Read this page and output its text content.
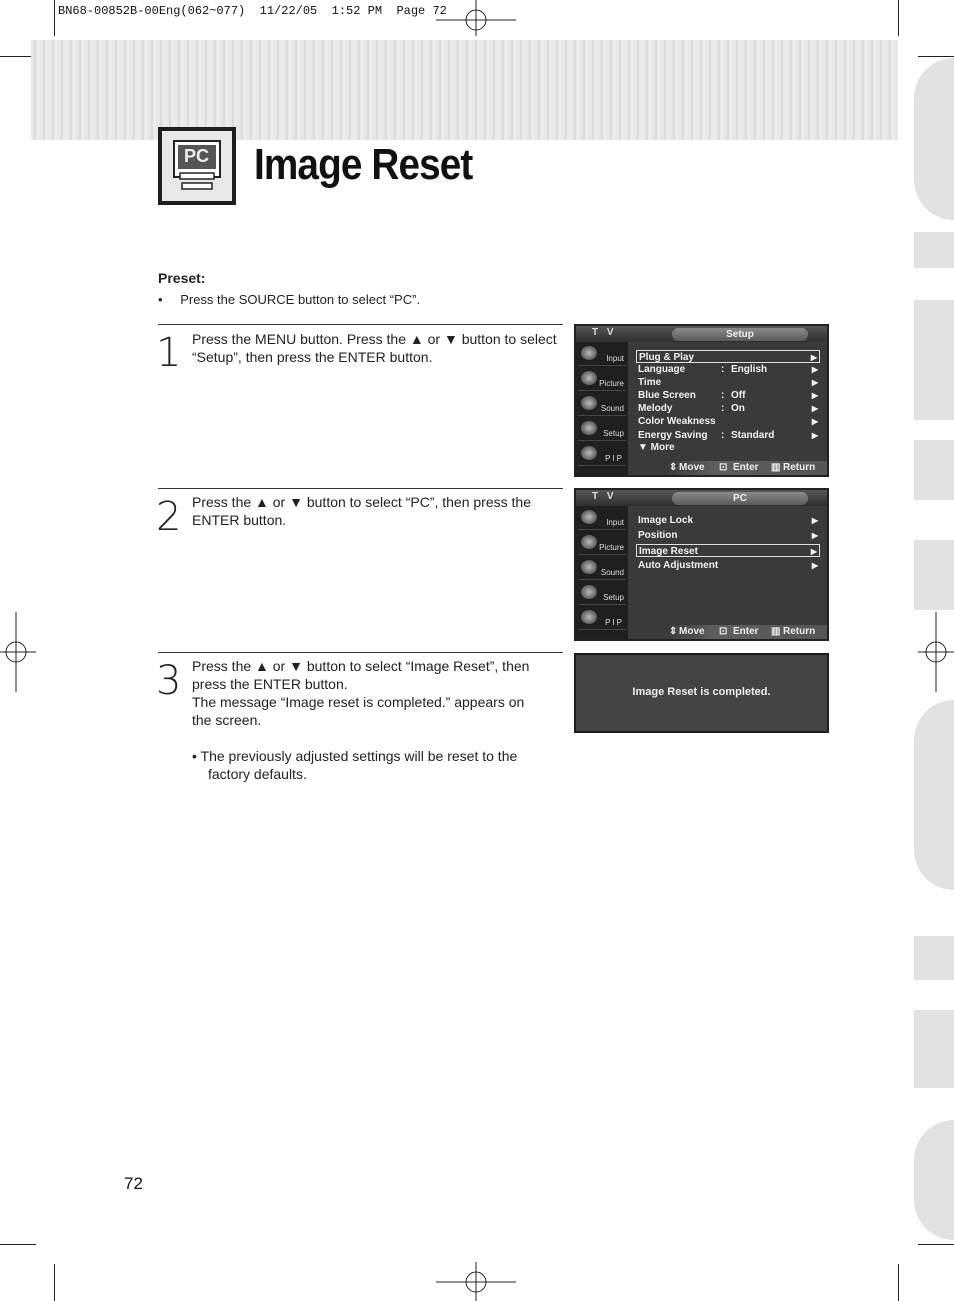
BN68-00852B-00Eng(062~077)  11/22/05  1:52 PM  Page 72
PC Image Reset
Preset:
• Press the SOURCE button to select “PC”.
1 Press the MENU button. Press the ▲ or ▼ button to select
“Setup”, then press the ENTER button.
2 Press the ▲ or ▼ button to select “PC”, then press the
ENTER button.
3 Press the ▲ or ▼ button to select “Image Reset”, then
press the ENTER button.
The message “Image reset is completed.” appears on
the screen.
• The previously adjusted settings will be reset to the
factory defaults.
T V	Setup
Input
Picture
Sound
Setup
PIP
Plug & Play	▶
Language	: English	▶
Time	▶
Blue Screen	: Off	▶
Melody	: On	▶
Color Weakness	▶
Energy Saving : Standard	▶
▼ More
⇕ Move ⊡ Enter ▥ Return
T V	PC
Input
Picture
Sound
Setup
PIP
Image Lock	▶
Position	▶
Image Reset	▶
Auto Adjustment	▶
⇕ Move ⊡ Enter ▥ Return
Image Reset is completed.
72
